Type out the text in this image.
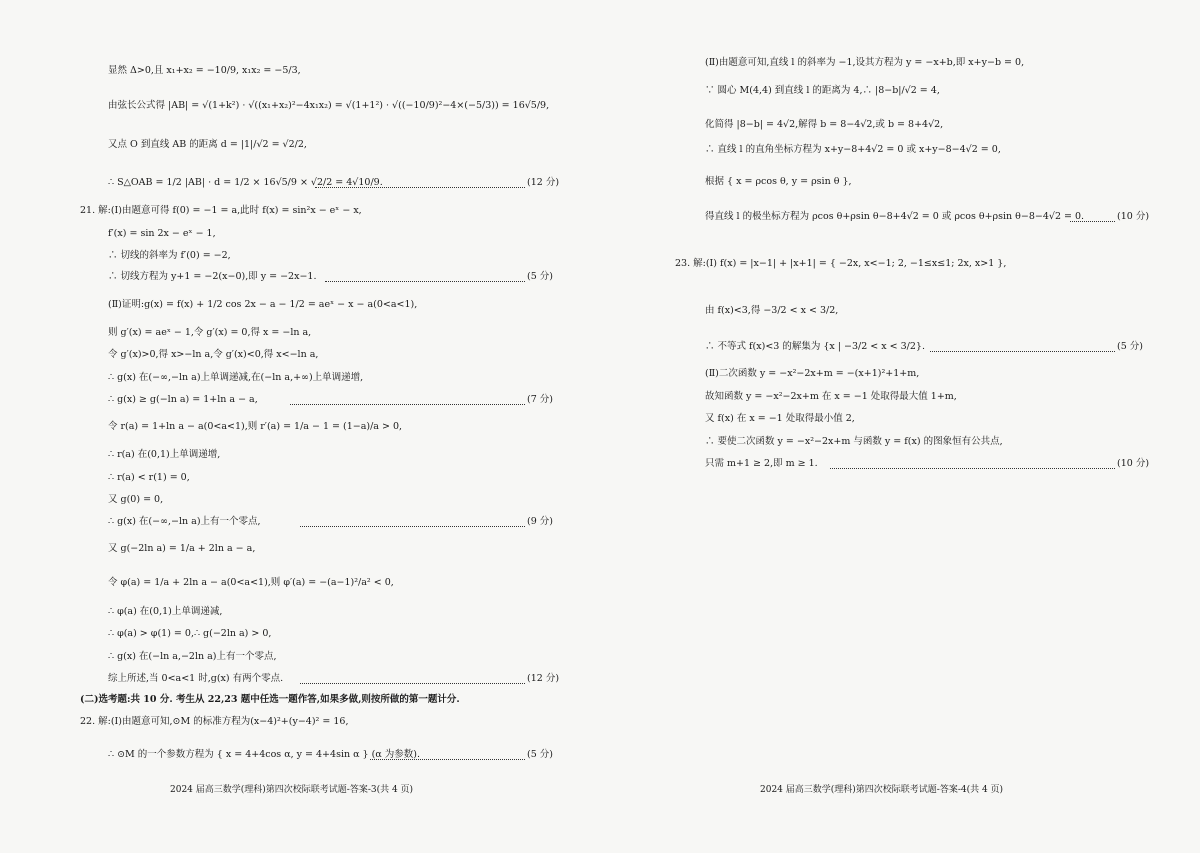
显然 Δ>0,且 x₁+x₂ = −10/9, x₁x₂ = −5/3,
由弦长公式得 |AB| = √(1+k²) · √((x₁+x₂)²−4x₁x₂) = √(1+1²) · √((−10/9)²−4×(−5/3)) = 16√5/9,
又点 O 到直线 AB 的距离 d = |1|/√2 = √2/2,
∴ S△OAB = 1/2 |AB| · d = 1/2 × 16√5/9 × √2/2 = 4√10/9.	(12 分)
21. 解:(Ⅰ)由题意可得 f(0) = −1 = a,此时 f(x) = sin²x − eˣ − x,
f′(x) = sin 2x − eˣ − 1,
∴ 切线的斜率为 f′(0) = −2,
∴ 切线方程为 y+1 = −2(x−0),即 y = −2x−1.	(5 分)
(Ⅱ)证明:g(x) = f(x) + 1/2 cos 2x − a − 1/2 = aeˣ − x − a(0<a<1),
则 g′(x) = aeˣ − 1,令 g′(x) = 0,得 x = −ln a,
令 g′(x)>0,得 x>−ln a,令 g′(x)<0,得 x<−ln a,
∴ g(x) 在(−∞,−ln a)上单调递减,在(−ln a,+∞)上单调递增,
∴ g(x) ≥ g(−ln a) = 1+ln a − a,	(7 分)
令 r(a) = 1+ln a − a(0<a<1),则 r′(a) = 1/a − 1 = (1−a)/a > 0,
∴ r(a) 在(0,1)上单调递增,
∴ r(a) < r(1) = 0,
又 g(0) = 0,
∴ g(x) 在(−∞,−ln a)上有一个零点,	(9 分)
又 g(−2ln a) = 1/a + 2ln a − a,
令 φ(a) = 1/a + 2ln a − a(0<a<1),则 φ′(a) = −(a−1)²/a² < 0,
∴ φ(a) 在(0,1)上单调递减,
∴ φ(a) > φ(1) = 0,∴ g(−2ln a) > 0,
∴ g(x) 在(−ln a,−2ln a)上有一个零点,
综上所述,当 0<a<1 时,g(x) 有两个零点.	(12 分)
(二)选考题:共 10 分. 考生从 22,23 题中任选一题作答,如果多做,则按所做的第一题计分.
22. 解:(Ⅰ)由题意可知,⊙M 的标准方程为(x−4)²+(y−4)² = 16,
∴ ⊙M 的一个参数方程为 { x = 4+4cos α, y = 4+4sin α } (α 为参数).	(5 分)
2024 届高三数学(理科)第四次校际联考试题-答案-3(共 4 页)
(Ⅱ)由题意可知,直线 l 的斜率为 −1,设其方程为 y = −x+b,即 x+y−b = 0,
∵ 圆心 M(4,4) 到直线 l 的距离为 4,∴ |8−b|/√2 = 4,
化简得 |8−b| = 4√2,解得 b = 8−4√2,或 b = 8+4√2,
∴ 直线 l 的直角坐标方程为 x+y−8+4√2 = 0 或 x+y−8−4√2 = 0,
根据 { x = ρcos θ, y = ρsin θ },
得直线 l 的极坐标方程为 ρcos θ+ρsin θ−8+4√2 = 0 或 ρcos θ+ρsin θ−8−4√2 = 0.	(10 分)
23. 解:(Ⅰ) f(x) = |x−1| + |x+1| = { −2x, x<−1; 2, −1≤x≤1; 2x, x>1 },
由 f(x)<3,得 −3/2 < x < 3/2,
∴ 不等式 f(x)<3 的解集为 {x | −3/2 < x < 3/2}.	(5 分)
(Ⅱ)二次函数 y = −x²−2x+m = −(x+1)²+1+m,
故知函数 y = −x²−2x+m 在 x = −1 处取得最大值 1+m,
又 f(x) 在 x = −1 处取得最小值 2,
∴ 要使二次函数 y = −x²−2x+m 与函数 y = f(x) 的图象恒有公共点,
只需 m+1 ≥ 2,即 m ≥ 1.	(10 分)
2024 届高三数学(理科)第四次校际联考试题-答案-4(共 4 页)
